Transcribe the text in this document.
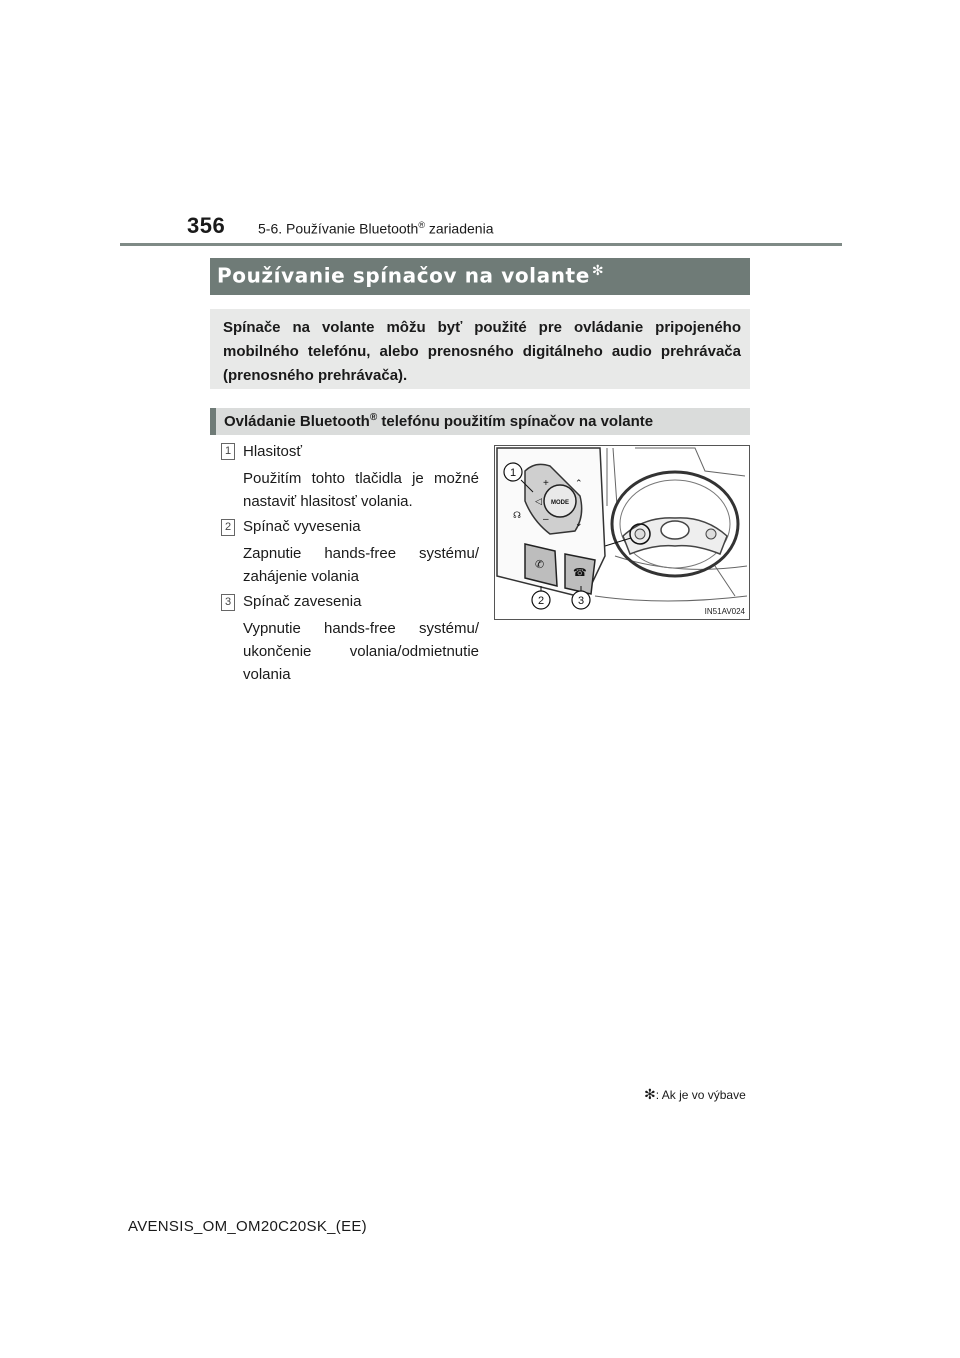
356 5-6. Používanie Bluetooth® zariadenia
Používanie spínačov na volante ✻
Spínače na volante môžu byť použité pre ovládanie pripojeného mobilného telefónu, alebo prenosného digitálneho audio prehrávača (prenosného prehrávača).
Ovládanie Bluetooth® telefónu použitím spínačov na volante
1 Hlasitosť
Použitím tohto tlačidla je možné
nastaviť hlasitosť volania.
2 Spínač vyvesenia
Zapnutie hands-free systému/
zahájenie volania
3 Spínač zavesenia
Vypnutie hands-free systému/
ukončenie volania/odmietnutie
volania
MODE
+
–
◁
⌃
⌄
☊
✆
☎
1
2	3
IN51AV024
✻: Ak je vo výbave
AVENSIS_OM_OM20C20SK_(EE)
